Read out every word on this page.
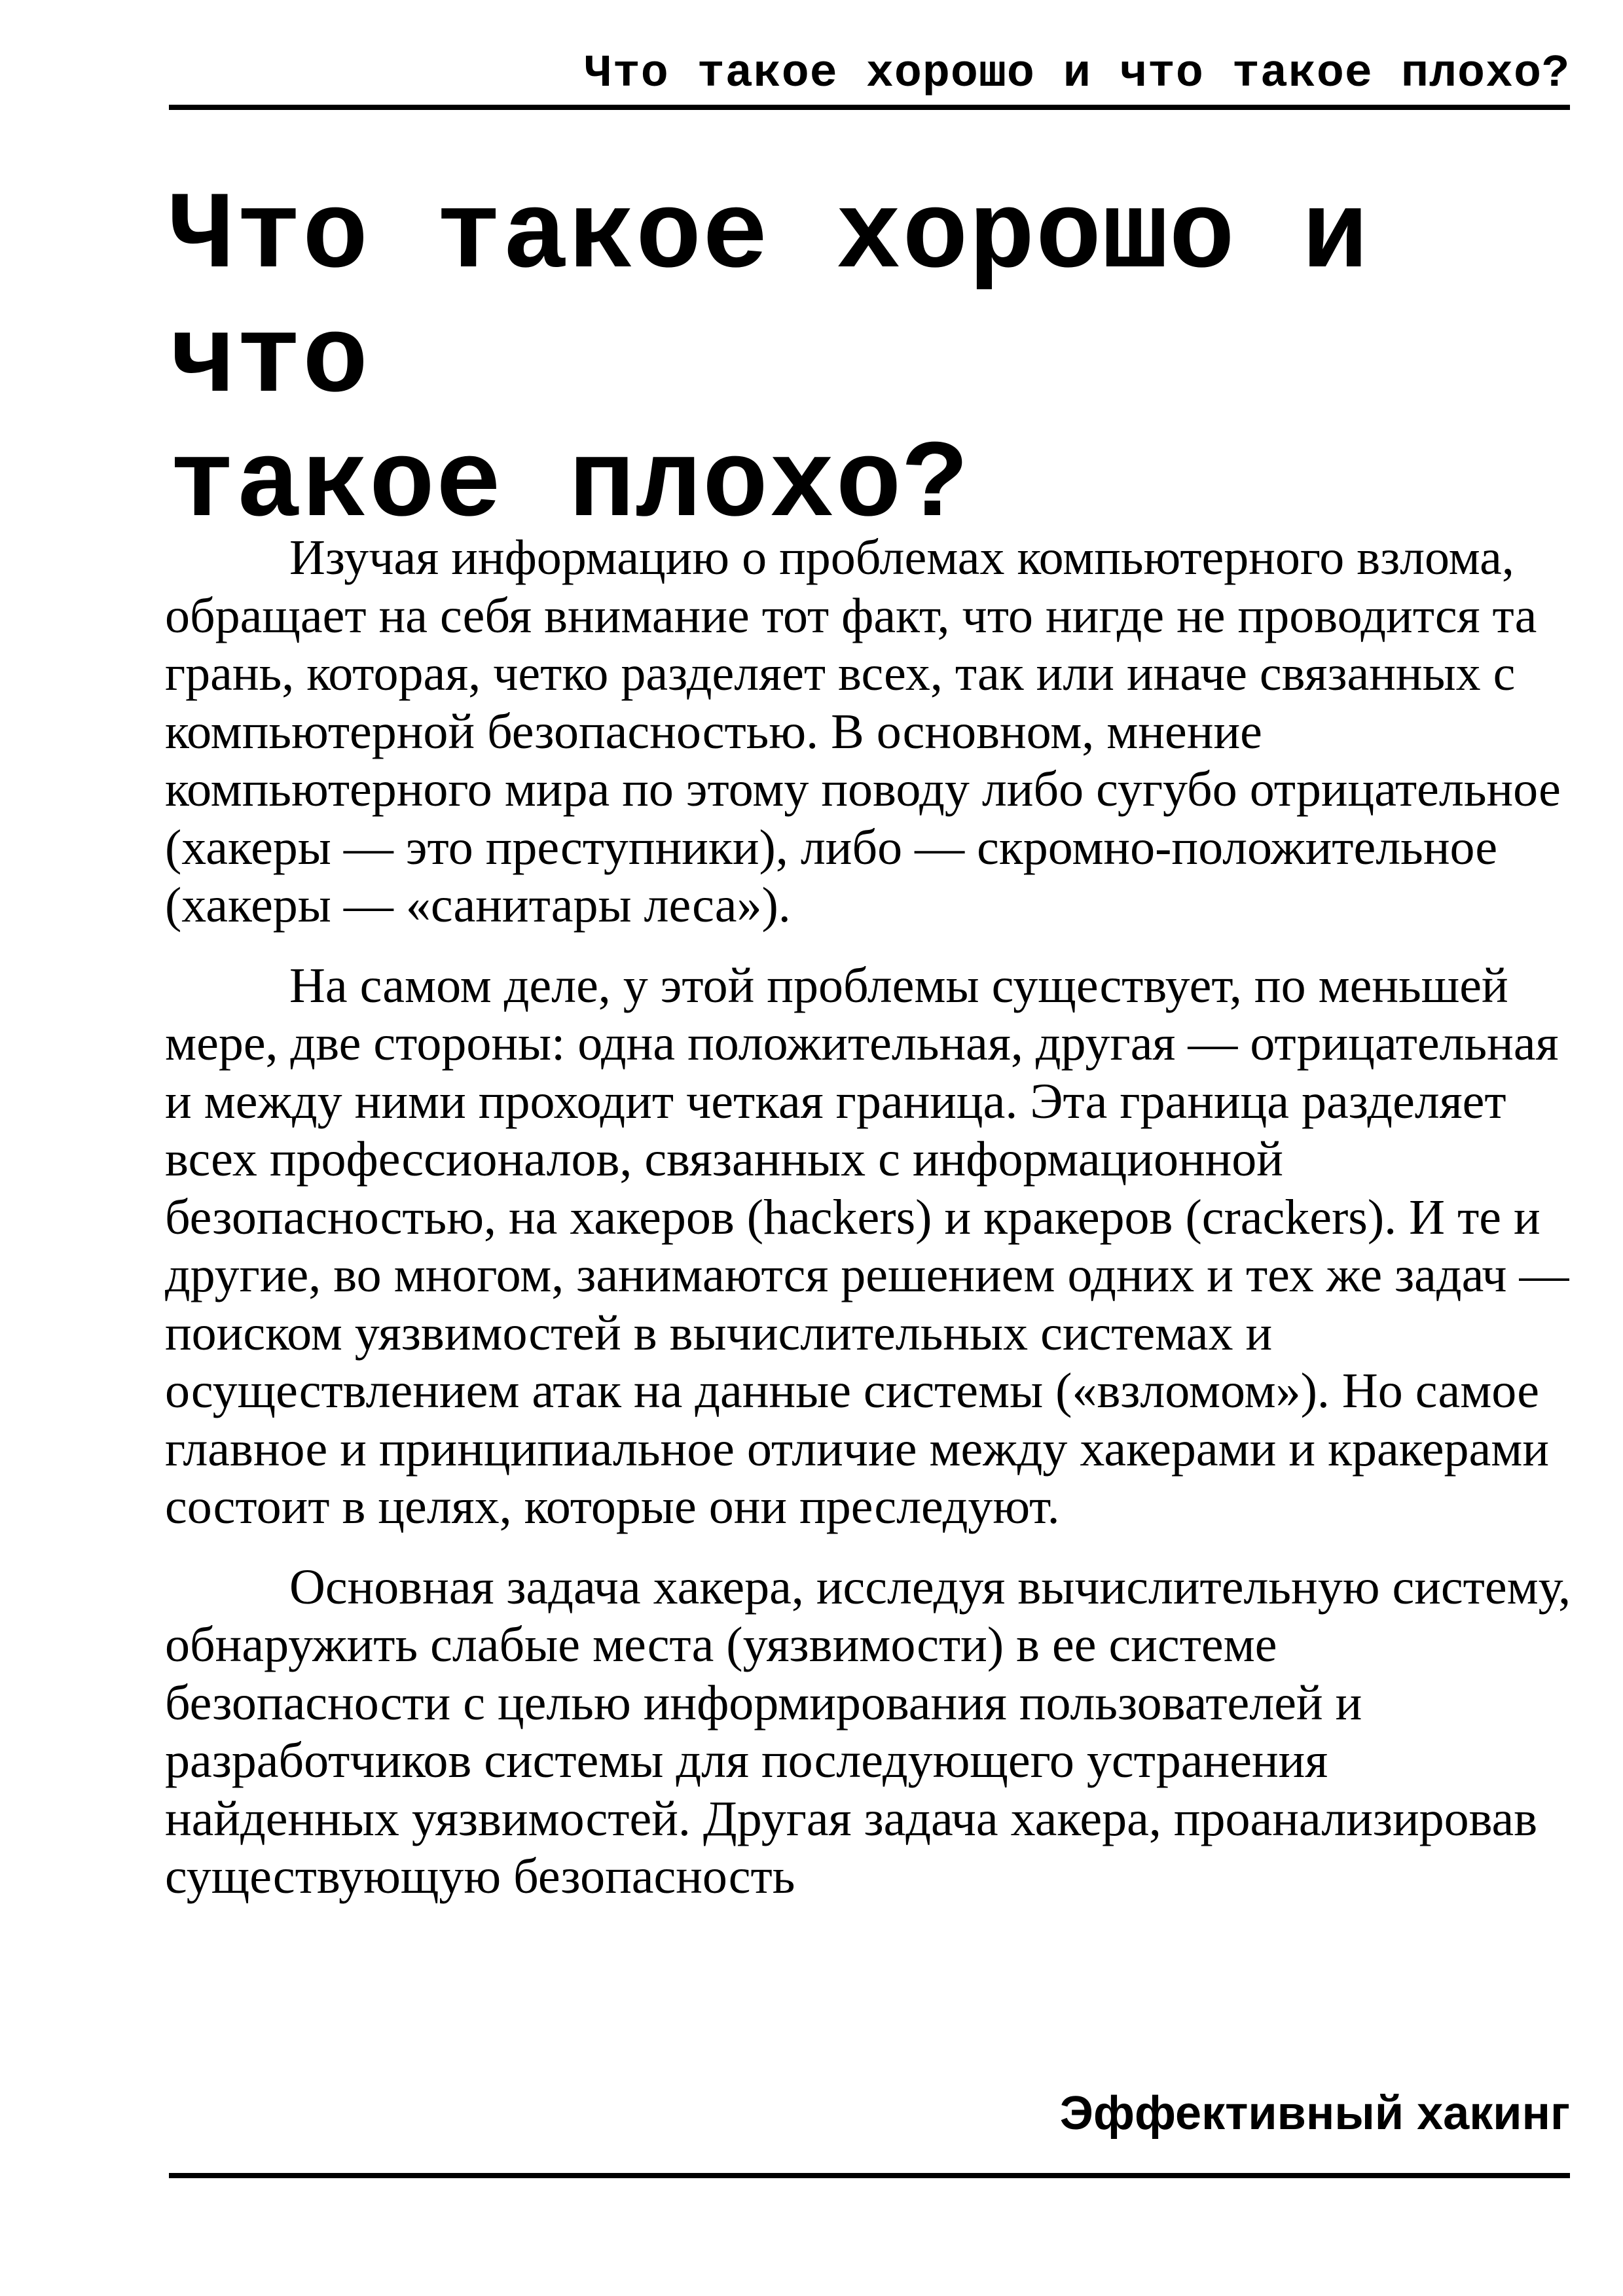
Что такое хорошо и что такое плохо?
Что такое хорошо и что
такое плохо?

Изучая информацию о проблемах компьютерного взлома, обращает на себя внимание тот факт, что нигде не проводится та грань, которая, четко разделяет всех, так или иначе связанных с компьютерной безопасностью. В основном, мнение компьютерного мира по этому поводу либо сугубо отрицательное (хакеры — это преступники), либо — скромно-положительное (хакеры — «санитары леса»).

На самом деле, у этой проблемы существует, по меньшей мере, две стороны: одна положительная, другая — отрицательная и между ними проходит четкая граница. Эта граница разделяет всех профессионалов, связанных с информационной безопасностью, на хакеров (hackers) и кракеров (crackers). И те и другие, во многом, занимаются решением одних и тех же задач — поиском уязвимостей в вычислительных системах и осуществлением атак на данные системы («взломом»). Но самое главное и принципиальное отличие между хакерами и кракерами состоит в целях, которые они преследуют.

Основная задача хакера, исследуя вычислительную систему, обнаружить слабые места (уязвимости) в ее системе безопасности с целью информирования пользователей и разработчиков системы для последующего устранения найденных уязвимостей. Другая задача хакера, проанализировав существующую безопасность

Эффективный хакинг
